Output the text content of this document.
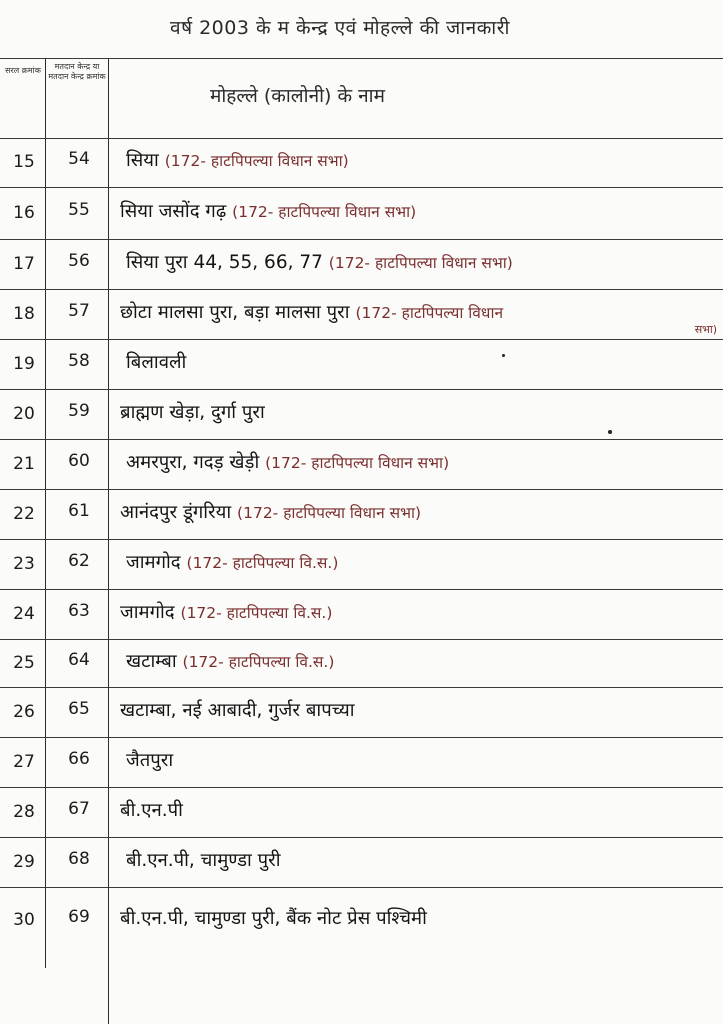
वर्ष 2003 के म केन्द्र एवं मोहल्ले की जानकारी
सरल क्रमांक	मतदान केन्द्र या मतदान केन्द्र क्रमांक
मोहल्ले (कालोनी) के नाम
15	54	सिया (172- हाटपिपल्या विधान सभा)
16	55	सिया जसोंद गढ़ (172- हाटपिपल्या विधान सभा)
17	56	सिया पुरा 44, 55, 66, 77 (172- हाटपिपल्या विधान सभा)
18	57	छोटा मालसा पुरा, बड़ा मालसा पुरा (172- हाटपिपल्या विधान
सभा)
19	58	बिलावली
20	59	ब्राह्मण खेड़ा, दुर्गा पुरा
21	60	अमरपुरा, गदड़ खेड़ी (172- हाटपिपल्या विधान सभा)
22	61	आनंदपुर डूंगरिया (172- हाटपिपल्या विधान सभा)
23	62	जामगोद (172- हाटपिपल्या वि.स.)
24	63	जामगोद (172- हाटपिपल्या वि.स.)
25	64	खटाम्बा (172- हाटपिपल्या वि.स.)
26	65	खटाम्बा, नई आबादी, गुर्जर बापच्या
27	66	जैतपुरा
28	67	बी.एन.पी
29	68	बी.एन.पी, चामुण्डा पुरी
30	69	बी.एन.पी, चामुण्डा पुरी, बैंक नोट प्रेस पश्चिमी
